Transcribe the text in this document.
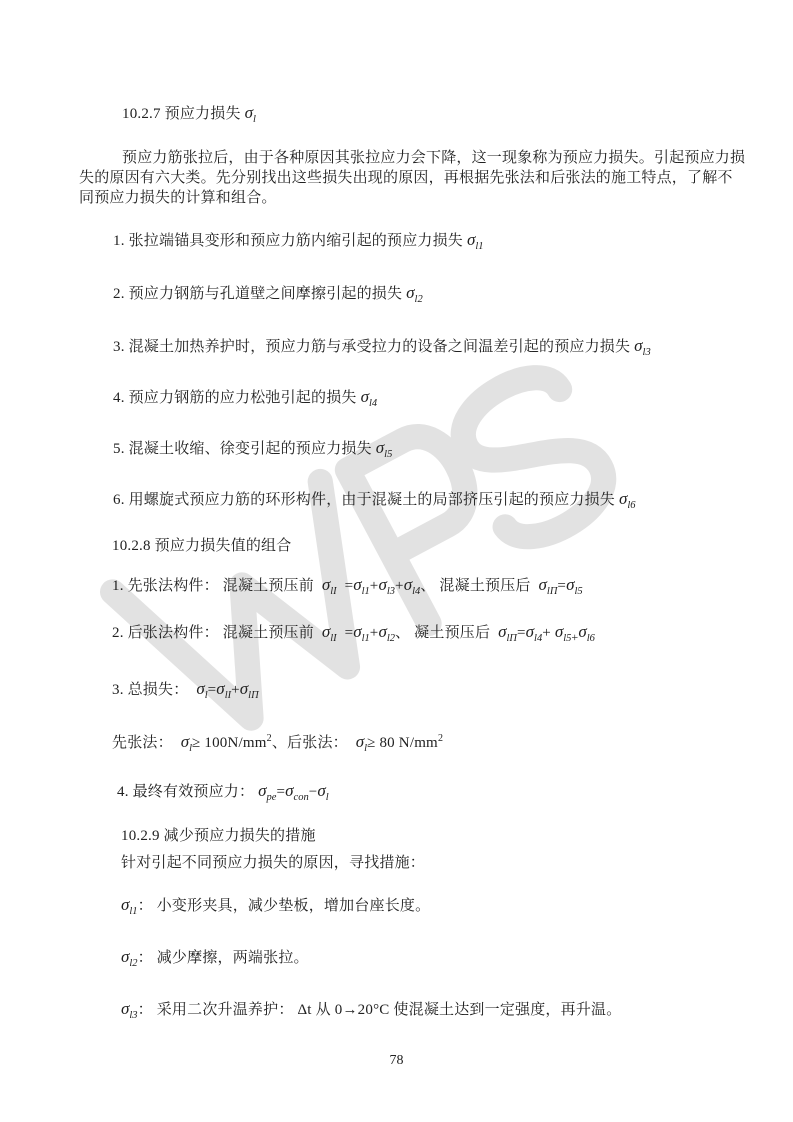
10.2.7 预应力损失 $\sigma_l$
预应力筋张拉后，由于各种原因其张拉应力会下降，这一现象称为预应力损失。引起预应力损
失的原因有六大类。先分别找出这些损失出现的原因，再根据先张法和后张法的施工特点，了解不
同预应力损失的计算和组合。
1. 张拉端锚具变形和预应力筋内缩引起的预应力损失 $\sigma_{l1}$
2. 预应力钢筋与孔道壁之间摩擦引起的损失 $\sigma_{l2}$
3. 混凝土加热养护时，预应力筋与承受拉力的设备之间温差引起的预应力损失 $\sigma_{l3}$
4. 预应力钢筋的应力松弛引起的损失 $\sigma_{l4}$
5. 混凝土收缩、徐变引起的预应力损失 $\sigma_{l5}$
6. 用螺旋式预应力筋的环形构件，由于混凝土的局部挤压引起的预应力损失 $\sigma_{l6}$
10.2.8 预应力损失值的组合
1. 先张法构件： 混凝土预压前  $\sigma_{lI} =\sigma_{l1}+\sigma_{l3}+\sigma_{l4}$、 混凝土预压后  $\sigma_{l\Pi}=\sigma_{l5}$
2. 后张法构件： 混凝土预压前  $\sigma_{lI} =\sigma_{l1}+\sigma_{l2}$、 凝土预压后  $\sigma_{l\Pi}=\sigma_{l4}+ \sigma_{l5+}\sigma_{l6}$
3. 总损失：  $\sigma_l=\sigma_{lI}+\sigma_{l\Pi}$
先张法：  $\sigma_l\ge 100N/mm^2$、后张法：  $\sigma_l\ge 80$ $N/mm^2$
4. 最终有效预应力： $\sigma_{pe}=\sigma_{con}-\sigma_l$
10.2.9 减少预应力损失的措施
针对引起不同预应力损失的原因，寻找措施：
$\sigma_{l1}$： 小变形夹具，减少垫板，增加台座长度。
$\sigma_{l2}$： 减少摩擦，两端张拉。
$\sigma_{l3}$： 采用二次升温养护： Δt 从 0→20°C 使混凝土达到一定强度，再升温。
78
